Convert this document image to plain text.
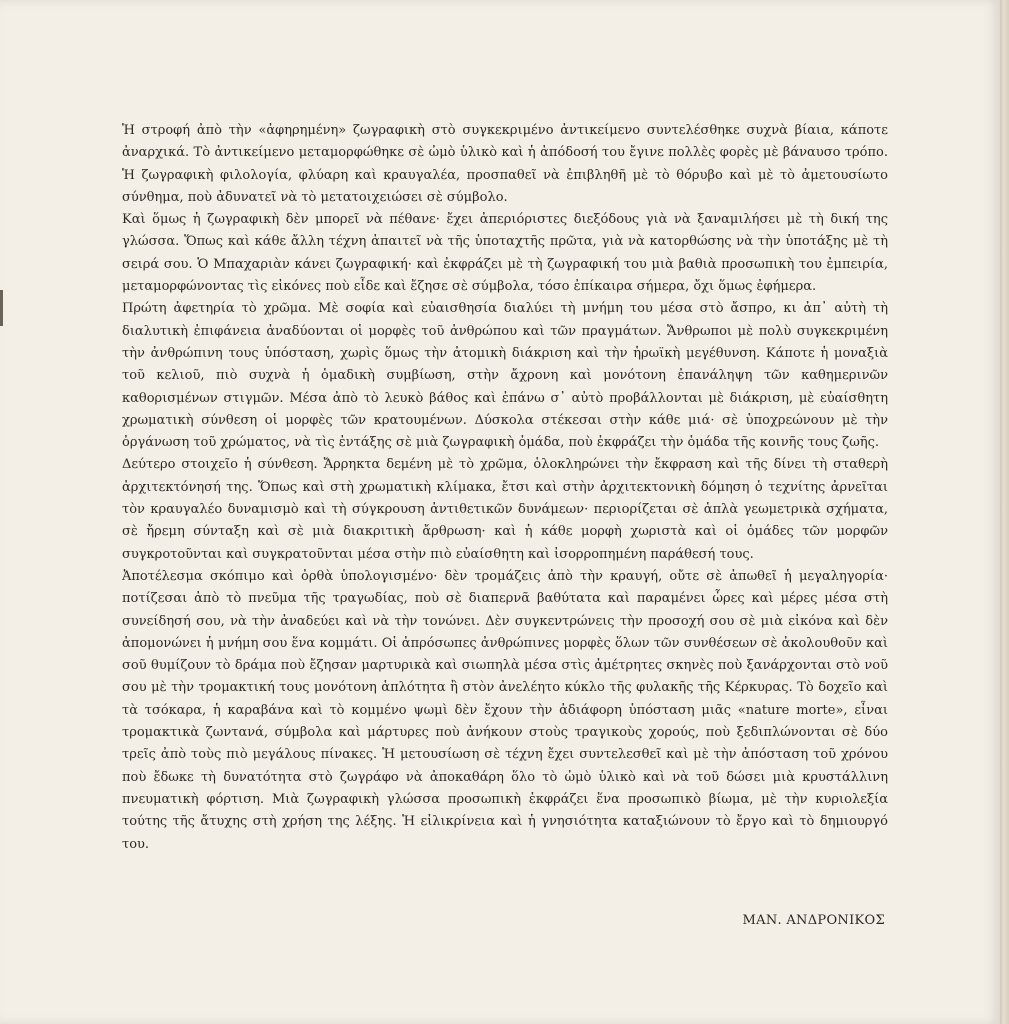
Ἡ στροφή ἀπὸ τὴν «ἀφηρημένη» ζωγραφικὴ στὸ συγκεκριμένο ἀντικείμενο συντελέσθηκε συχνὰ βίαια, κάποτε ἀναρχικά. Τὸ ἀντικείμενο μεταμορφώθηκε σὲ ὠμὸ ὑλικὸ καὶ ἡ ἀπόδοσή του ἔγινε πολλὲς φορὲς μὲ βάναυσο τρόπο. Ἡ ζωγραφικὴ φιλολογία, φλύαρη καὶ κραυγαλέα, προσπαθεῖ νὰ ἐπιβληθῆ μὲ τὸ θόρυβο καὶ μὲ τὸ ἀμετουσίωτο σύνθημα, ποὺ ἀδυνατεῖ νὰ τὸ μετατοιχειώσει σὲ σύμβολο.

Καὶ ὅμως ἡ ζωγραφικὴ δὲν μπορεῖ νὰ πέθανε· ἔχει ἀπεριόριστες διεξόδους γιὰ νὰ ξαναμιλήσει μὲ τὴ δική της γλώσσα. Ὅπως καὶ κάθε ἄλλη τέχνη ἀπαιτεῖ νὰ τῆς ὑποταχτῆς πρῶτα, γιὰ νὰ κατορθώσης νὰ τὴν ὑποτάξης μὲ τὴ σειρά σου. Ὁ Μπαχαριὰν κάνει ζωγραφική· καὶ ἐκφράζει μὲ τὴ ζωγραφική του μιὰ βαθιὰ προσωπικὴ του ἐμπειρία, μεταμορφώνοντας τὶς εἰκόνες ποὺ εἶδε καὶ ἔζησε σὲ σύμβολα, τόσο ἐπίκαιρα σήμερα, ὄχι ὅμως ἐφήμερα.

Πρώτη ἀφετηρία τὸ χρῶμα. Μὲ σοφία καὶ εὐαισθησία διαλύει τὴ μνήμη του μέσα στὸ ἄσπρο, κι ἀπ᾽ αὐτὴ τὴ διαλυτικὴ ἐπιφάνεια ἀναδύονται οἱ μορφὲς τοῦ ἀνθρώπου καὶ τῶν πραγμάτων. Ἄνθρωποι μὲ πολὺ συγκεκριμένη τὴν ἀνθρώπινη τους ὑπόσταση, χωρὶς ὅμως τὴν ἀτομικὴ διάκριση καὶ τὴν ἡρωϊκὴ μεγέθυνση. Κάποτε ἡ μοναξιὰ τοῦ κελιοῦ, πιὸ συχνὰ ἡ ὁμαδικὴ συμβίωση, στὴν ἄχρονη καὶ μονότονη ἐπανάληψη τῶν καθημερινῶν καθορισμένων στιγμῶν. Μέσα ἀπὸ τὸ λευκὸ βάθος καὶ ἐπάνω σ᾽ αὐτὸ προβάλλονται μὲ διάκριση, μὲ εὐαίσθητη χρωματικὴ σύνθεση οἱ μορφὲς τῶν κρατουμένων. Δύσκολα στέκεσαι στὴν κάθε μιά· σὲ ὑποχρεώνουν μὲ τὴν ὀργάνωση τοῦ χρώματος, νὰ τὶς ἐντάξης σὲ μιὰ ζωγραφικὴ ὁμάδα, ποὺ ἐκφράζει τὴν ὁμάδα τῆς κοινῆς τους ζωῆς.

Δεύτερο στοιχεῖο ἡ σύνθεση. Ἄρρηκτα δεμένη μὲ τὸ χρῶμα, ὁλοκληρώνει τὴν ἔκφραση καὶ τῆς δίνει τὴ σταθερὴ ἀρχιτεκτόνησή της. Ὅπως καὶ στὴ χρωματικὴ κλίμακα, ἔτσι καὶ στὴν ἀρχιτεκτονικὴ δόμηση ὁ τεχνίτης ἀρνεῖται τὸν κραυγαλέο δυναμισμὸ καὶ τὴ σύγκρουση ἀντιθετικῶν δυνάμεων· περιορίζεται σὲ ἁπλὰ γεωμετρικὰ σχήματα, σὲ ἤρεμη σύνταξη καὶ σὲ μιὰ διακριτικὴ ἄρθρωση· καὶ ἡ κάθε μορφὴ χωριστὰ καὶ οἱ ὁμάδες τῶν μορφῶν συγκροτοῦνται καὶ συγκρατοῦνται μέσα στὴν πιὸ εὐαίσθητη καὶ ἰσορροπημένη παράθεσή τους.

Ἀποτέλεσμα σκόπιμο καὶ ὀρθὰ ὑπολογισμένο· δὲν τρομάζεις ἀπὸ τὴν κραυγή, οὔτε σὲ ἀπωθεῖ ἡ μεγαληγορία· ποτίζεσαι ἀπὸ τὸ πνεῦμα τῆς τραγωδίας, ποὺ σὲ διαπερνᾶ βαθύτατα καὶ παραμένει ὧρες καὶ μέρες μέσα στὴ συνείδησή σου, νὰ τὴν ἀναδεύει καὶ νὰ τὴν τονώνει. Δὲν συγκεντρώνεις τὴν προσοχή σου σὲ μιὰ εἰκόνα καὶ δὲν ἀπομονώνει ἡ μνήμη σου ἕνα κομμάτι. Οἱ ἀπρόσωπες ἀνθρώπινες μορφὲς ὅλων τῶν συνθέσεων σὲ ἀκολουθοῦν καὶ σοῦ θυμίζουν τὸ δράμα ποὺ ἔζησαν μαρτυρικὰ καὶ σιωπηλὰ μέσα στὶς ἀμέτρητες σκηνὲς ποὺ ξανάρχονται στὸ νοῦ σου μὲ τὴν τρομακτική τους μονότονη ἁπλότητα ἢ στὸν ἀνελέητο κύκλο τῆς φυλακῆς τῆς Κέρκυρας. Τὸ δοχεῖο καὶ τὰ τσόκαρα, ἡ καραβάνα καὶ τὸ κομμένο ψωμὶ δὲν ἔχουν τὴν ἀδιάφορη ὑπόσταση μιᾶς «nature morte», εἶναι τρομακτικὰ ζωντανά, σύμβολα καὶ μάρτυρες ποὺ ἀνήκουν στοὺς τραγικοὺς χορούς, ποὺ ξεδιπλώνονται σὲ δύο τρεῖς ἀπὸ τοὺς πιὸ μεγάλους πίνακες. Ἡ μετουσίωση σὲ τέχνη ἔχει συντελεσθεῖ καὶ μὲ τὴν ἀπόσταση τοῦ χρόνου ποὺ ἔδωκε τὴ δυνατότητα στὸ ζωγράφο νὰ ἀποκαθάρη ὅλο τὸ ὠμὸ ὑλικὸ καὶ νὰ τοῦ δώσει μιὰ κρυστάλλινη πνευματικὴ φόρτιση. Μιὰ ζωγραφικὴ γλώσσα προσωπικὴ ἐκφράζει ἕνα προσωπικὸ βίωμα, μὲ τὴν κυριολεξία τούτης τῆς ἄτυχης στὴ χρήση της λέξης. Ἡ εἰλικρίνεια καὶ ἡ γνησιότητα καταξιώνουν τὸ ἔργο καὶ τὸ δημιουργό του.

ΜΑΝ. ΑΝΔΡΟΝΙΚΟΣ
